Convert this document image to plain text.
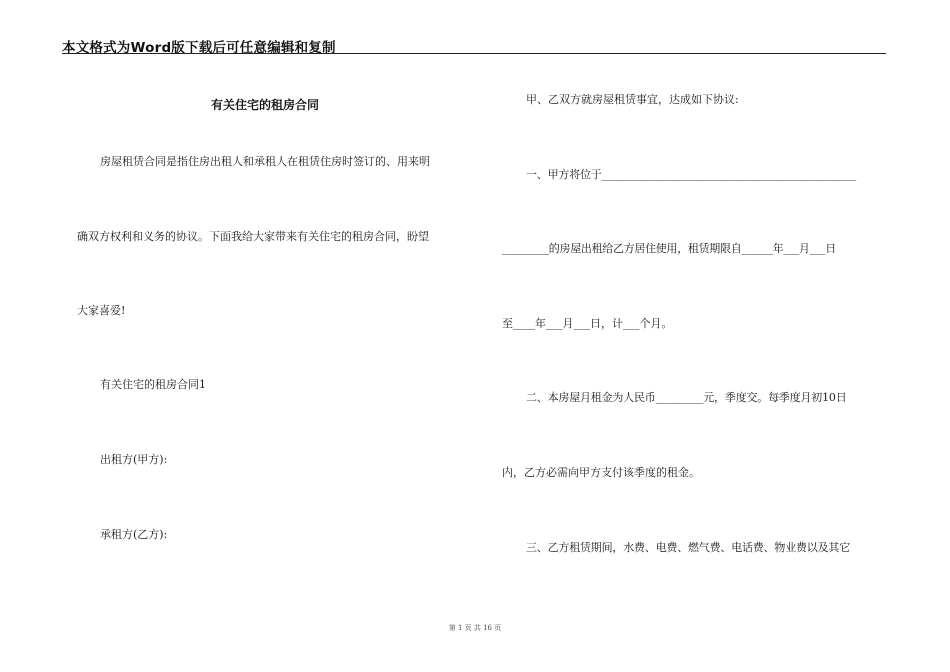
本文格式为Word版下载后可任意编辑和复制
有关住宅的租房合同
房屋租赁合同是指住房出租人和承租人在租赁住房时签订的、用来明
确双方权利和义务的协议。下面我给大家带来有关住宅的租房合同，盼望
大家喜爱!
有关住宅的租房合同1
出租方(甲方):
承租方(乙方):
甲、乙双方就房屋租赁事宜，达成如下协议:
一、甲方将位于________________________________________________
_________的房屋出租给乙方居住使用，租赁期限自______年___月___日
至____年___月___日，计___个月。
二、本房屋月租金为人民币_________元，季度交。每季度月初10日
内，乙方必需向甲方支付该季度的租金。
三、乙方租赁期间，水费、电费、燃气费、电话费、物业费以及其它
第 1 页 共 16 页
